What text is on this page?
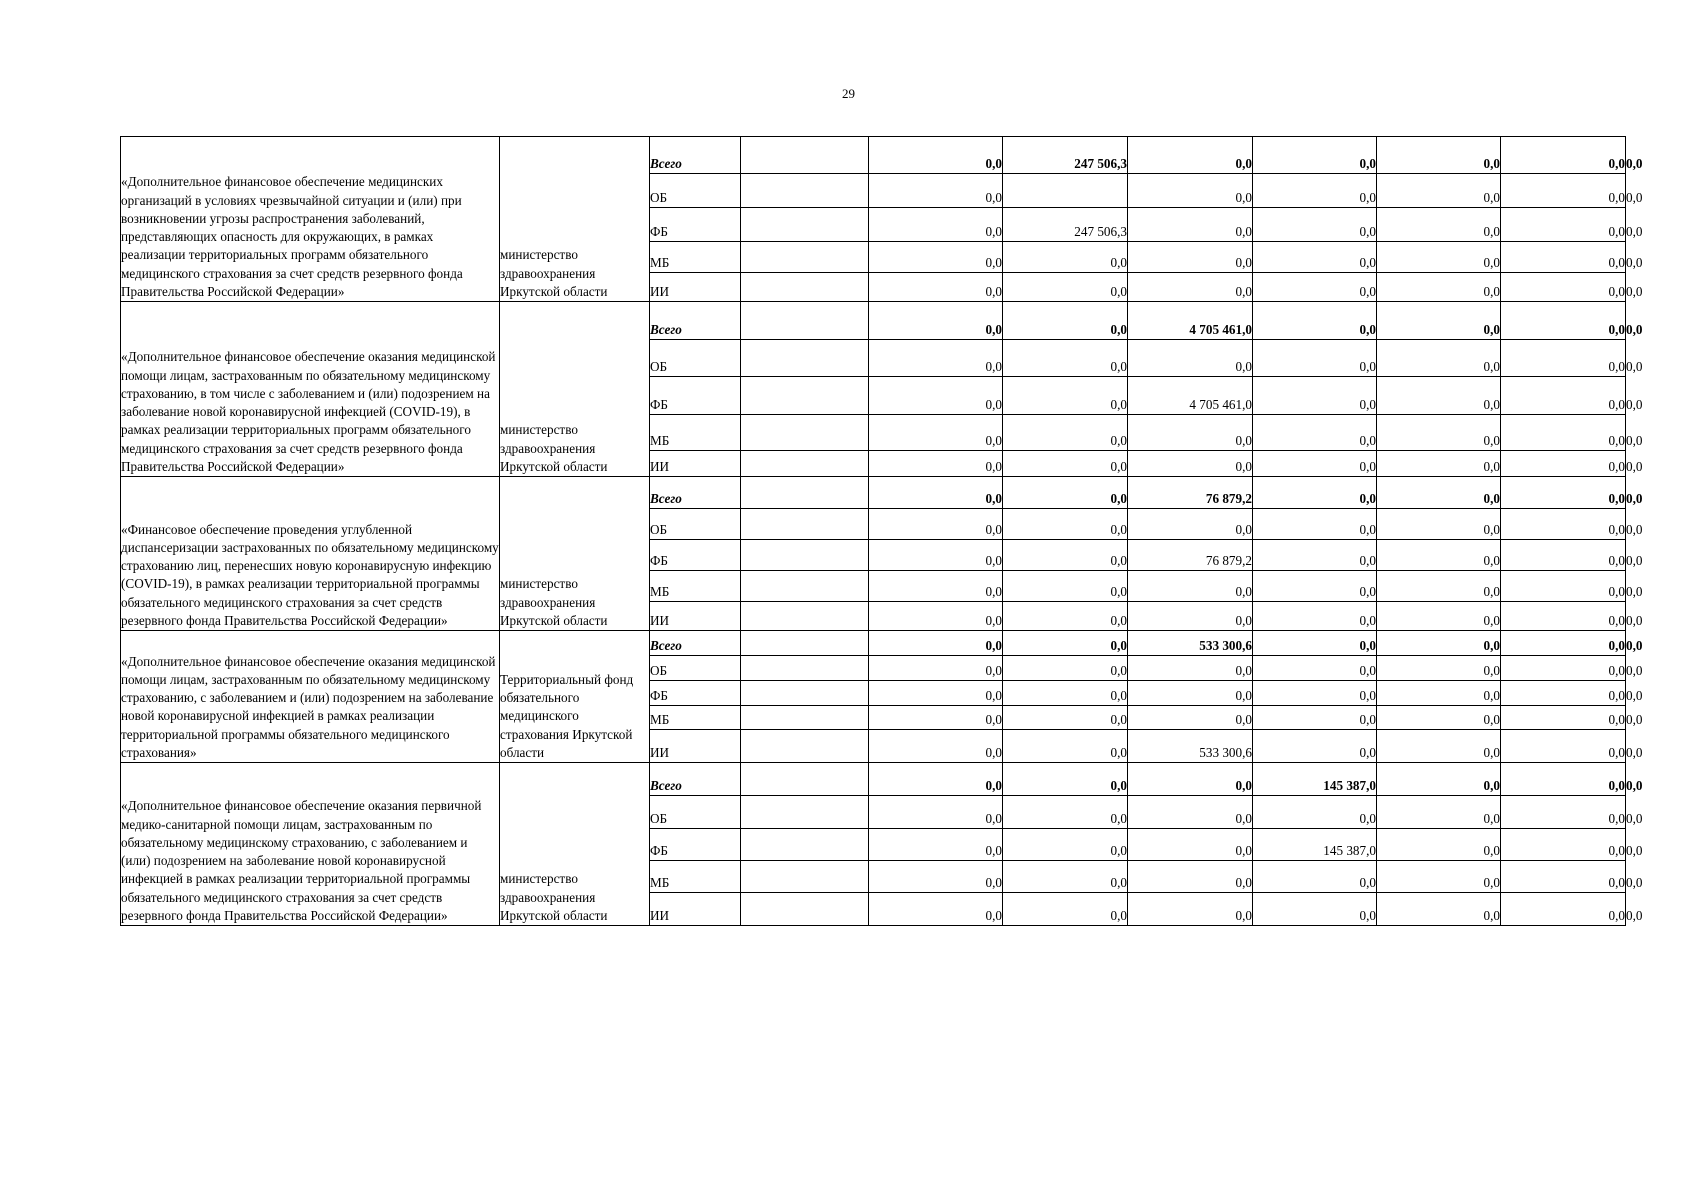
29
«Дополнительное финансовое обеспечение медицинских организаций в условиях чрезвычайной ситуации и (или) при возникновении угрозы распространения заболеваний, представляющих опасность для окружающих, в рамках реализации территориальных программ обязательного медицинского страхования за счет средств резервного фонда Правительства Российской Федерации»	министерство здравоохранения Иркутской области	Всего		0,0	247 506,3	0,0	0,0	0,0	0,0	0,0
		ОБ		0,0		0,0	0,0	0,0	0,0	0,0
		ФБ		0,0	247 506,3	0,0	0,0	0,0	0,0	0,0
		МБ		0,0	0,0	0,0	0,0	0,0	0,0	0,0
		ИИ		0,0	0,0	0,0	0,0	0,0	0,0	0,0
«Дополнительное финансовое обеспечение оказания медицинской помощи лицам, застрахованным по обязательному медицинскому страхованию, в том числе с заболеванием и (или) подозрением на заболевание новой коронавирусной инфекцией (COVID-19), в рамках реализации территориальных программ обязательного медицинского страхования за счет средств резервного фонда Правительства Российской Федерации»	министерство здравоохранения Иркутской области	Всего		0,0	0,0	4 705 461,0	0,0	0,0	0,0	0,0
		ОБ		0,0	0,0	0,0	0,0	0,0	0,0	0,0
		ФБ		0,0	0,0	4 705 461,0	0,0	0,0	0,0	0,0
		МБ		0,0	0,0	0,0	0,0	0,0	0,0	0,0
		ИИ		0,0	0,0	0,0	0,0	0,0	0,0	0,0
«Финансовое обеспечение проведения углубленной диспансеризации застрахованных по обязательному медицинскому страхованию лиц, перенесших новую коронавирусную инфекцию (COVID-19), в рамках реализации территориальной программы обязательного медицинского страхования за счет средств резервного фонда Правительства Российской Федерации»	министерство здравоохранения Иркутской области	Всего		0,0	0,0	76 879,2	0,0	0,0	0,0	0,0
		ОБ		0,0	0,0	0,0	0,0	0,0	0,0	0,0
		ФБ		0,0	0,0	76 879,2	0,0	0,0	0,0	0,0
		МБ		0,0	0,0	0,0	0,0	0,0	0,0	0,0
		ИИ		0,0	0,0	0,0	0,0	0,0	0,0	0,0
«Дополнительное финансовое обеспечение оказания медицинской помощи лицам, застрахованным по обязательному медицинскому страхованию, с заболеванием и (или) подозрением на заболевание новой коронавирусной инфекцией в рамках реализации территориальной программы обязательного медицинского страхования»	Территориальный фонд обязательного медицинского страхования Иркутской области	Всего		0,0	0,0	533 300,6	0,0	0,0	0,0	0,0
		ОБ		0,0	0,0	0,0	0,0	0,0	0,0	0,0
		ФБ		0,0	0,0	0,0	0,0	0,0	0,0	0,0
		МБ		0,0	0,0	0,0	0,0	0,0	0,0	0,0
		ИИ		0,0	0,0	533 300,6	0,0	0,0	0,0	0,0
«Дополнительное финансовое обеспечение оказания первичной медико-санитарной помощи лицам, застрахованным по обязательному медицинскому страхованию, с заболеванием и (или) подозрением на заболевание новой коронавирусной инфекцией в рамках реализации территориальной программы обязательного медицинского страхования за счет средств резервного фонда Правительства Российской Федерации»	министерство здравоохранения Иркутской области	Всего		0,0	0,0	0,0	145 387,0	0,0	0,0	0,0
		ОБ		0,0	0,0	0,0	0,0	0,0	0,0	0,0
		ФБ		0,0	0,0	0,0	145 387,0	0,0	0,0	0,0
		МБ		0,0	0,0	0,0	0,0	0,0	0,0	0,0
		ИИ		0,0	0,0	0,0	0,0	0,0	0,0	0,0
